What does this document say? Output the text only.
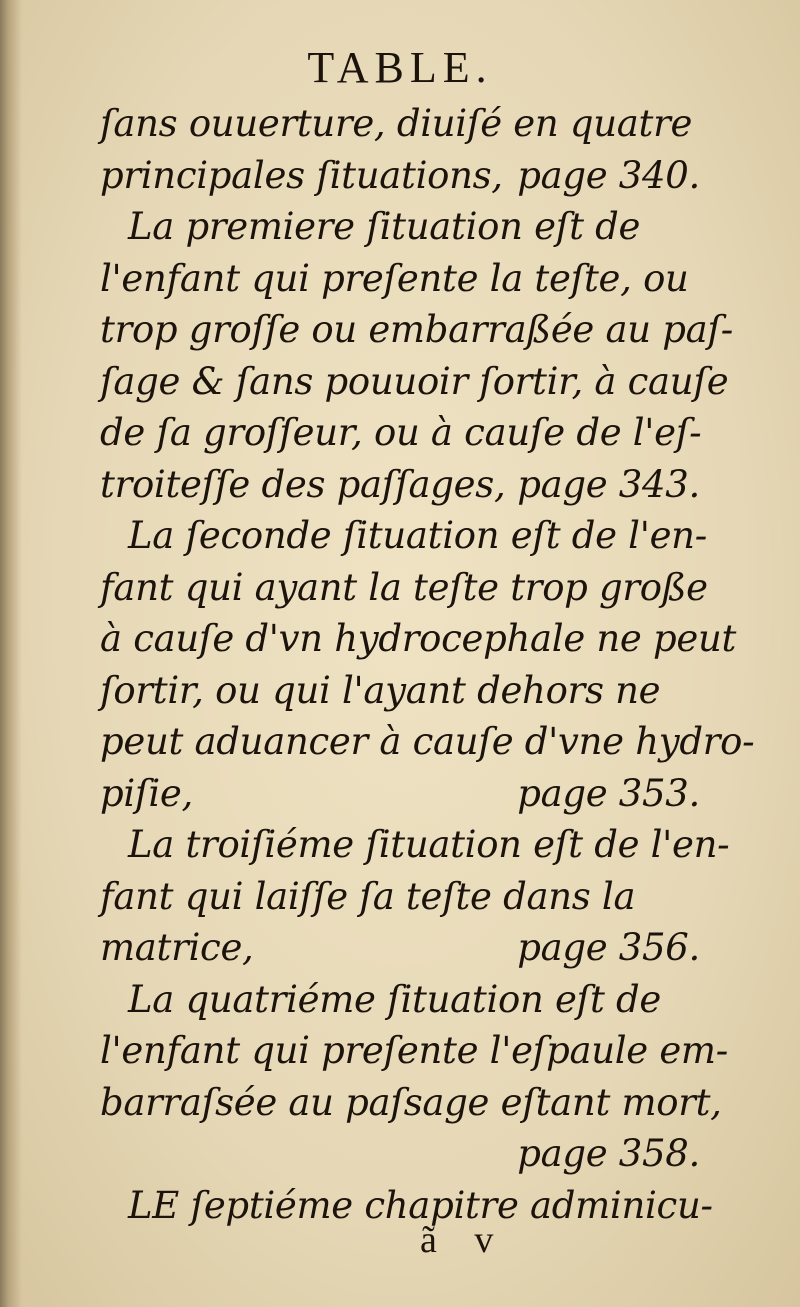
TABLE.
ſans ouuerture, diuiſé en quatre
principales ſituations, page 340.
La premiere ſituation eſt de
l'enfant qui preſente la teſte, ou
trop groſſe ou embarraßée au paſ-
ſage & ſans pouuoir ſortir, à cauſe
de ſa groſſeur, ou à cauſe de l'eſ-
troiteſſe des paſſages, page 343.
La ſeconde ſituation eſt de l'en-
fant qui ayant la teſte trop große
à cauſe d'vn hydrocephale ne peut
ſortir, ou qui l'ayant dehors ne
peut aduancer à cauſe d'vne hydro-
piſie,	page 353.
La troiſiéme ſituation eſt de l'en-
fant qui laiſſe ſa teſte dans la
matrice,	page 356.
La quatriéme ſituation eſt de
l'enfant qui preſente l'eſpaule em-
barraſsée au paſsage eſtant mort,
page 358.
ã v
LE ſeptiéme chapitre adminicu-
